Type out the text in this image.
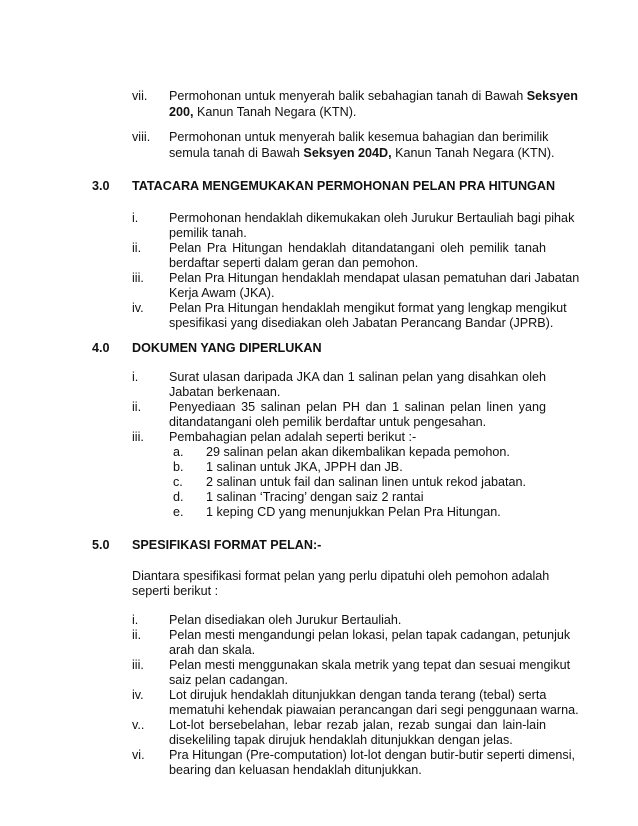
vii. Permohonan untuk menyerah balik sebahagian tanah di Bawah Seksyen
200, Kanun Tanah Negara (KTN).
viii. Permohonan untuk menyerah balik kesemua bahagian dan berimilik
semula tanah di Bawah Seksyen 204D, Kanun Tanah Negara (KTN).
3.0 TATACARA MENGEMUKAKAN PERMOHONAN PELAN PRA HITUNGAN
i. Permohonan hendaklah dikemukakan oleh Jurukur Bertauliah bagi pihak
pemilik tanah.
ii. Pelan Pra Hitungan hendaklah ditandatangani oleh pemilik tanah
berdaftar seperti dalam geran dan pemohon.
iii. Pelan Pra Hitungan hendaklah mendapat ulasan pematuhan dari Jabatan
Kerja Awam (JKA).
iv. Pelan Pra Hitungan hendaklah mengikut format yang lengkap mengikut
spesifikasi yang disediakan oleh Jabatan Perancang Bandar (JPRB).
4.0 DOKUMEN YANG DIPERLUKAN
i. Surat ulasan daripada JKA dan 1 salinan pelan yang disahkan oleh
Jabatan berkenaan.
ii. Penyediaan 35 salinan pelan PH dan 1 salinan pelan linen yang
ditandatangani oleh pemilik berdaftar untuk pengesahan.
iii. Pembahagian pelan adalah seperti berikut :-
a. 29 salinan pelan akan dikembalikan kepada pemohon.
b. 1 salinan untuk JKA, JPPH dan JB.
c. 2 salinan untuk fail dan salinan linen untuk rekod jabatan.
d. 1 salinan ‘Tracing’ dengan saiz 2 rantai
e. 1 keping CD yang menunjukkan Pelan Pra Hitungan.
5.0 SPESIFIKASI FORMAT PELAN:-
Diantara spesifikasi format pelan yang perlu dipatuhi oleh pemohon adalah
seperti berikut :
i. Pelan disediakan oleh Jurukur Bertauliah.
ii. Pelan mesti mengandungi pelan lokasi, pelan tapak cadangan, petunjuk
arah dan skala.
iii. Pelan mesti menggunakan skala metrik yang tepat dan sesuai mengikut
saiz pelan cadangan.
iv. Lot dirujuk hendaklah ditunjukkan dengan tanda terang (tebal) serta
mematuhi kehendak piawaian perancangan dari segi penggunaan warna.
v.. Lot-lot bersebelahan, lebar rezab jalan, rezab sungai dan lain-lain
disekeliling tapak dirujuk hendaklah ditunjukkan dengan jelas.
vi. Pra Hitungan (Pre-computation) lot-lot dengan butir-butir seperti dimensi,
bearing dan keluasan hendaklah ditunjukkan.
